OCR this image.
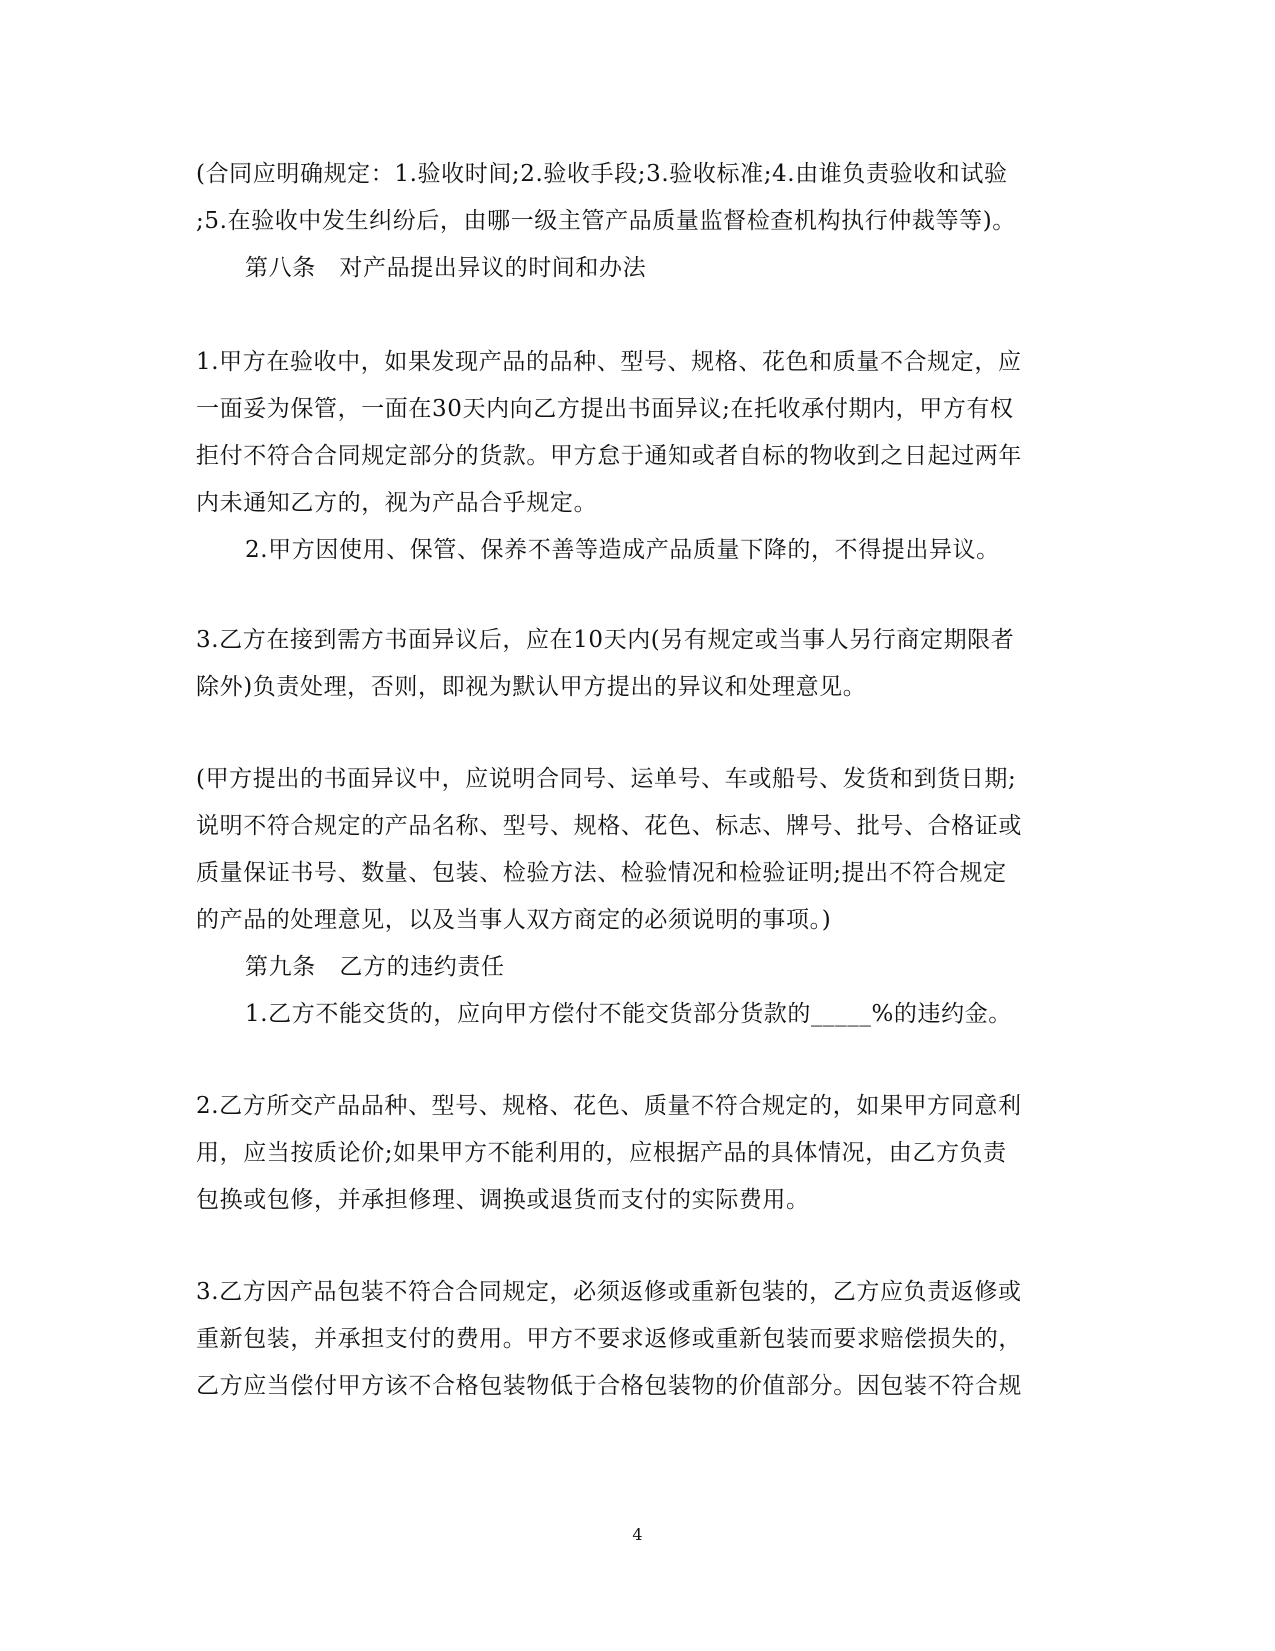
(合同应明确规定：1.验收时间;2.验收手段;3.验收标准;4.由谁负责验收和试验
;5.在验收中发生纠纷后，由哪一级主管产品质量监督检查机构执行仲裁等等)。
第八条　对产品提出异议的时间和办法
1.甲方在验收中，如果发现产品的品种、型号、规格、花色和质量不合规定，应
一面妥为保管，一面在30天内向乙方提出书面异议;在托收承付期内，甲方有权
拒付不符合合同规定部分的货款。甲方怠于通知或者自标的物收到之日起过两年
内未通知乙方的，视为产品合乎规定。
2.甲方因使用、保管、保养不善等造成产品质量下降的，不得提出异议。
3.乙方在接到需方书面异议后，应在10天内(另有规定或当事人另行商定期限者
除外)负责处理，否则，即视为默认甲方提出的异议和处理意见。
(甲方提出的书面异议中，应说明合同号、运单号、车或船号、发货和到货日期;
说明不符合规定的产品名称、型号、规格、花色、标志、牌号、批号、合格证或
质量保证书号、数量、包装、检验方法、检验情况和检验证明;提出不符合规定
的产品的处理意见，以及当事人双方商定的必须说明的事项。)
第九条　乙方的违约责任
1.乙方不能交货的，应向甲方偿付不能交货部分货款的_____%的违约金。
2.乙方所交产品品种、型号、规格、花色、质量不符合规定的，如果甲方同意利
用，应当按质论价;如果甲方不能利用的，应根据产品的具体情况，由乙方负责
包换或包修，并承担修理、调换或退货而支付的实际费用。
3.乙方因产品包装不符合合同规定，必须返修或重新包装的，乙方应负责返修或
重新包装，并承担支付的费用。甲方不要求返修或重新包装而要求赔偿损失的，
乙方应当偿付甲方该不合格包装物低于合格包装物的价值部分。因包装不符合规
4
